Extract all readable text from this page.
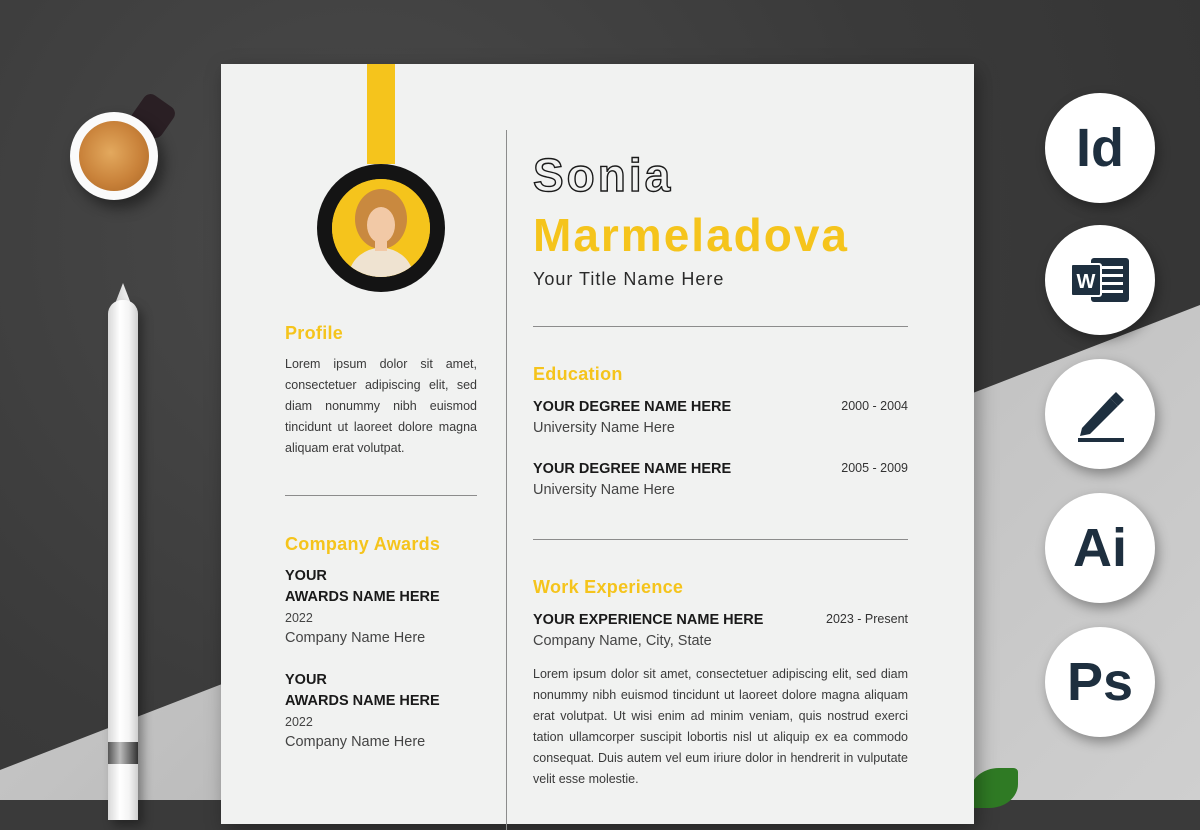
Profile
Lorem ipsum dolor sit amet, consectetuer adipiscing elit, sed diam nonummy nibh euismod tincidunt ut laoreet dolore magna aliquam erat volutpat.
Company Awards
YOUR
AWARDS NAME HERE
2022
Company Name Here
YOUR
AWARDS NAME HERE
2022
Company Name Here
Sonia
Marmeladova
Your Title Name Here
Education
YOUR DEGREE NAME HERE	2000 - 2004
University Name Here
YOUR DEGREE NAME HERE	2005 - 2009
University Name Here
Work Experience
YOUR EXPERIENCE NAME HERE	2023 - Present
Company Name, City, State
Lorem ipsum dolor sit amet, consectetuer adipiscing elit, sed diam nonummy nibh euismod tincidunt ut laoreet dolore magna aliquam erat volutpat. Ut wisi enim ad minim veniam, quis nostrud exerci tation ullamcorper suscipit lobortis nisl ut aliquip ex ea commodo consequat. Duis autem vel eum iriure dolor in hendrerit in vulputate velit esse molestie.
Id
W
Ai
Ps
